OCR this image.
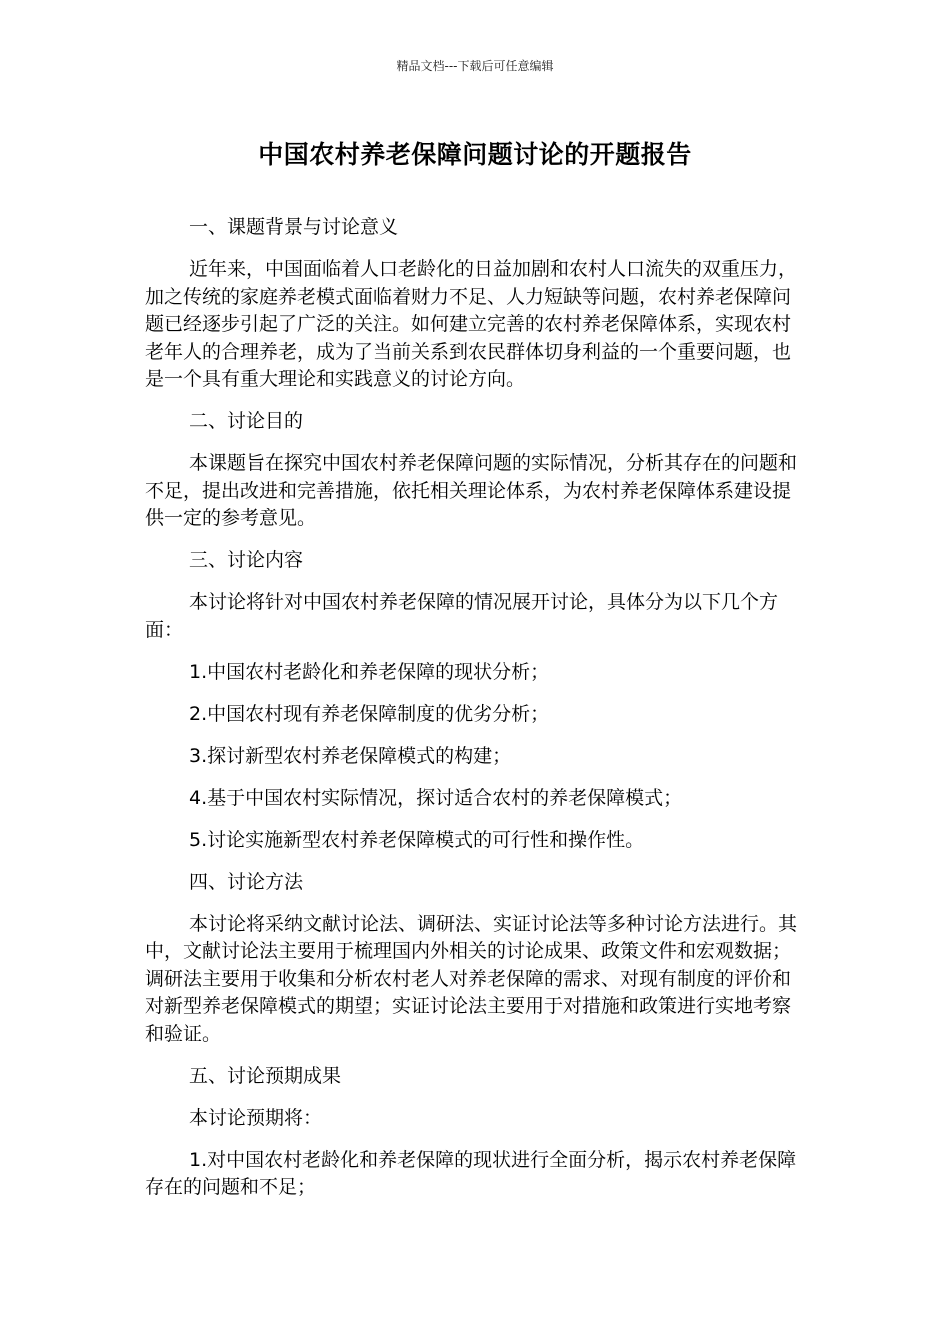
精品文档---下载后可任意编辑
中国农村养老保障问题讨论的开题报告

一、课题背景与讨论意义

近年来，中国面临着人口老龄化的日益加剧和农村人口流失的双重压力，加之传统的家庭养老模式面临着财力不足、人力短缺等问题，农村养老保障问题已经逐步引起了广泛的关注。如何建立完善的农村养老保障体系，实现农村老年人的合理养老，成为了当前关系到农民群体切身利益的一个重要问题，也是一个具有重大理论和实践意义的讨论方向。

二、讨论目的

本课题旨在探究中国农村养老保障问题的实际情况，分析其存在的问题和不足，提出改进和完善措施，依托相关理论体系，为农村养老保障体系建设提供一定的参考意见。

三、讨论内容

本讨论将针对中国农村养老保障的情况展开讨论，具体分为以下几个方面：

1.中国农村老龄化和养老保障的现状分析；

2.中国农村现有养老保障制度的优劣分析；

3.探讨新型农村养老保障模式的构建；

4.基于中国农村实际情况，探讨适合农村的养老保障模式；

5.讨论实施新型农村养老保障模式的可行性和操作性。

四、讨论方法

本讨论将采纳文献讨论法、调研法、实证讨论法等多种讨论方法进行。其中，文献讨论法主要用于梳理国内外相关的讨论成果、政策文件和宏观数据；调研法主要用于收集和分析农村老人对养老保障的需求、对现有制度的评价和对新型养老保障模式的期望；实证讨论法主要用于对措施和政策进行实地考察和验证。

五、讨论预期成果

本讨论预期将：

1.对中国农村老龄化和养老保障的现状进行全面分析，揭示农村养老保障存在的问题和不足；
